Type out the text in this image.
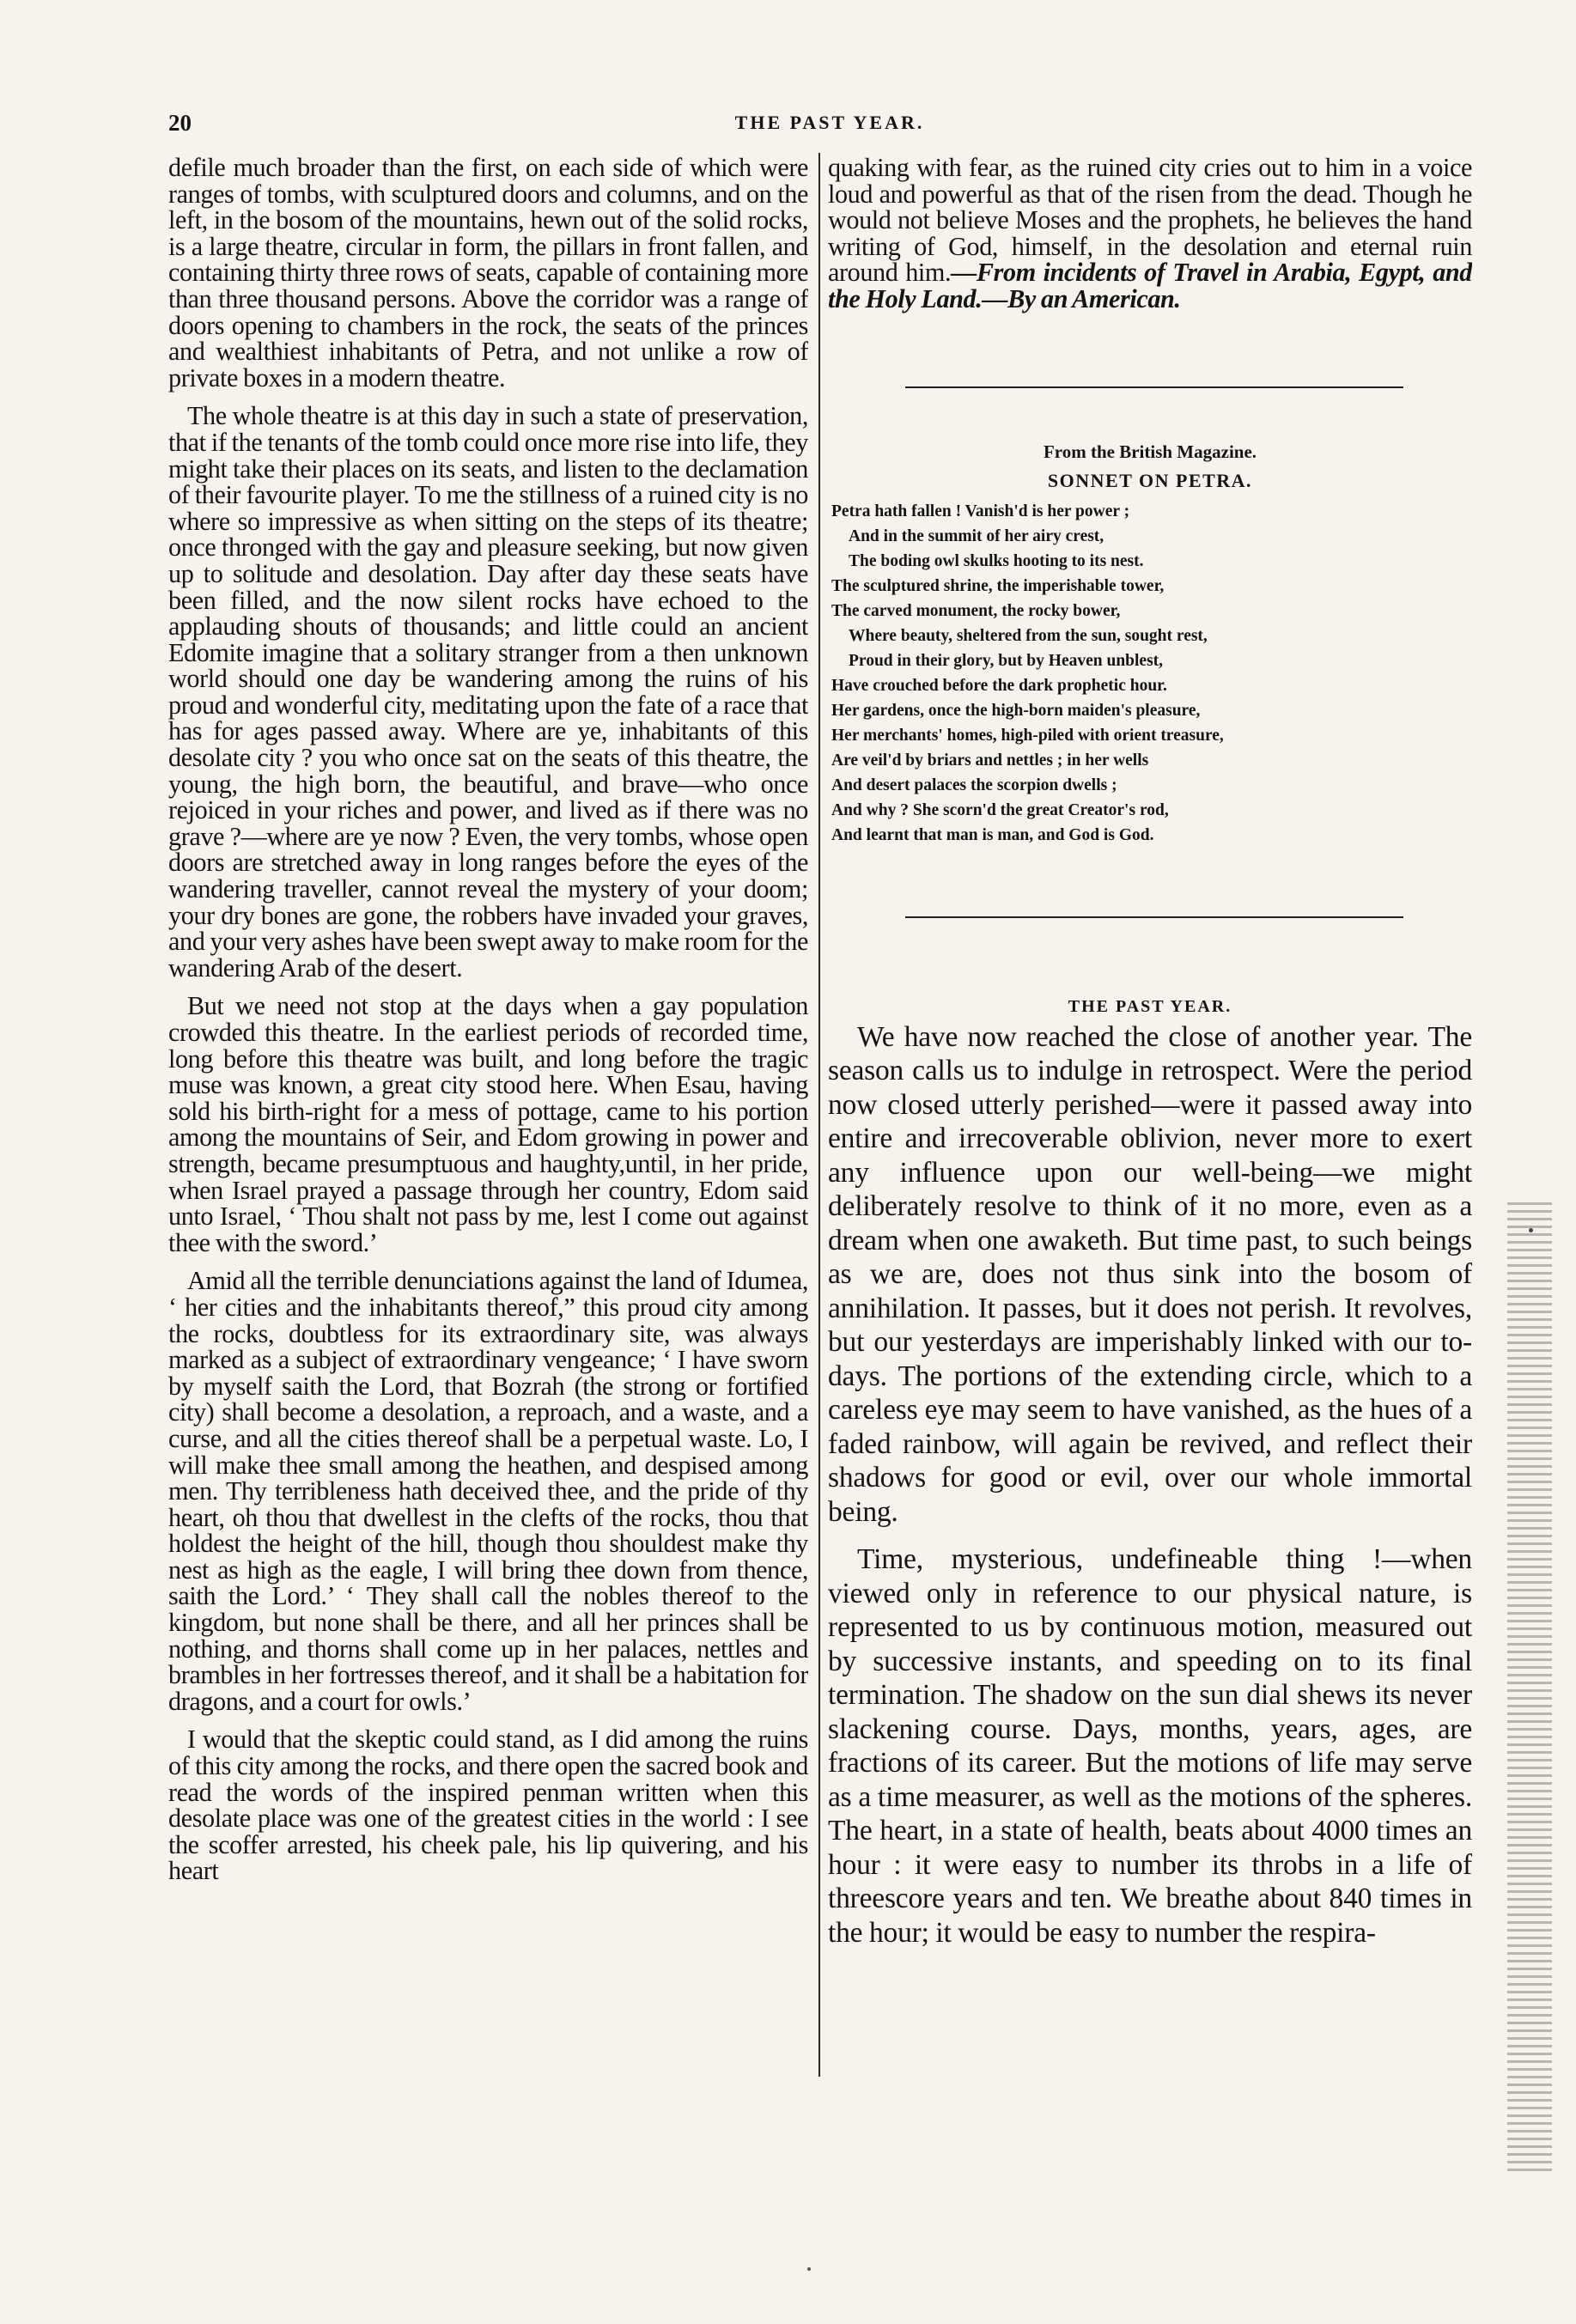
20	THE PAST YEAR.

defile much broader than the first, on each side of which were ranges of tombs, with sculptured doors and columns, and on the left, in the bosom of the mountains, hewn out of the solid rocks, is a large theatre, circular in form, the pillars in front fallen, and containing thirty three rows of seats, capable of containing more than three thousand persons. Above the corridor was a range of doors opening to chambers in the rock, the seats of the princes and wealthiest inhabitants of Petra, and not unlike a row of private boxes in a modern theatre.

The whole theatre is at this day in such a state of preservation, that if the tenants of the tomb could once more rise into life, they might take their places on its seats, and listen to the declamation of their favourite player. To me the stillness of a ruined city is no where so impressive as when sitting on the steps of its theatre; once thronged with the gay and pleasure seeking, but now given up to solitude and desolation. Day after day these seats have been filled, and the now silent rocks have echoed to the applauding shouts of thousands; and little could an ancient Edomite imagine that a solitary stranger from a then unknown world should one day be wandering among the ruins of his proud and wonderful city, meditating upon the fate of a race that has for ages passed away. Where are ye, inhabitants of this desolate city ? you who once sat on the seats of this theatre, the young, the high born, the beautiful, and brave—who once rejoiced in your riches and power, and lived as if there was no grave ?—where are ye now ? Even, the very tombs, whose open doors are stretched away in long ranges before the eyes of the wandering traveller, cannot reveal the mystery of your doom; your dry bones are gone, the robbers have invaded your graves, and your very ashes have been swept away to make room for the wandering Arab of the desert.

But we need not stop at the days when a gay population crowded this theatre. In the earliest periods of recorded time, long before this theatre was built, and long before the tragic muse was known, a great city stood here. When Esau, having sold his birth-right for a mess of pottage, came to his portion among the mountains of Seir, and Edom growing in power and strength, became presumptuous and haughty,until, in her pride, when Israel prayed a passage through her country, Edom said unto Israel, ‘ Thou shalt not pass by me, lest I come out against thee with the sword.’

Amid all the terrible denunciations against the land of Idumea, ‘ her cities and the inhabitants thereof,” this proud city among the rocks, doubtless for its extraordinary site, was always marked as a subject of extraordinary vengeance; ‘ I have sworn by myself saith the Lord, that Bozrah (the strong or fortified city) shall become a desolation, a reproach, and a waste, and a curse, and all the cities thereof shall be a perpetual waste. Lo, I will make thee small among the heathen, and despised among men. Thy terribleness hath deceived thee, and the pride of thy heart, oh thou that dwellest in the clefts of the rocks, thou that holdest the height of the hill, though thou shouldest make thy nest as high as the eagle, I will bring thee down from thence, saith the Lord.’ ‘ They shall call the nobles thereof to the kingdom, but none shall be there, and all her princes shall be nothing, and thorns shall come up in her palaces, nettles and brambles in her fortresses thereof, and it shall be a habitation for dragons, and a court for owls.’

I would that the skeptic could stand, as I did among the ruins of this city among the rocks, and there open the sacred book and read the words of the inspired penman written when this desolate place was one of the greatest cities in the world : I see the scoffer arrested, his cheek pale, his lip quivering, and his heart

quaking with fear, as the ruined city cries out to him in a voice loud and powerful as that of the risen from the dead. Though he would not believe Moses and the prophets, he believes the hand writing of God, himself, in the desolation and eternal ruin around him.—From incidents of Travel in Arabia, Egypt, and the Holy Land.—By an American.

From the British Magazine.
SONNET ON PETRA.
Petra hath fallen ! Vanish'd is her power ;
And in the summit of her airy crest,
The boding owl skulks hooting to its nest.
The sculptured shrine, the imperishable tower,
The carved monument, the rocky bower,
Where beauty, sheltered from the sun, sought rest,
Proud in their glory, but by Heaven unblest,
Have crouched before the dark prophetic hour.
Her gardens, once the high-born maiden's pleasure,
Her merchants' homes, high-piled with orient treasure,
Are veil'd by briars and nettles ; in her wells
And desert palaces the scorpion dwells ;
And why ? She scorn'd the great Creator's rod,
And learnt that man is man, and God is God.
THE PAST YEAR.

We have now reached the close of another year. The season calls us to indulge in retrospect. Were the period now closed utterly perished—were it passed away into entire and irrecoverable oblivion, never more to exert any influence upon our well-being—we might deliberately resolve to think of it no more, even as a dream when one awaketh. But time past, to such beings as we are, does not thus sink into the bosom of annihilation. It passes, but it does not perish. It revolves, but our yesterdays are imperishably linked with our to-days. The portions of the extending circle, which to a careless eye may seem to have vanished, as the hues of a faded rainbow, will again be revived, and reflect their shadows for good or evil, over our whole immortal being.

Time, mysterious, undefineable thing !—when viewed only in reference to our physical nature, is represented to us by continuous motion, measured out by successive instants, and speeding on to its final termination. The shadow on the sun dial shews its never slackening course. Days, months, years, ages, are fractions of its career. But the motions of life may serve as a time measurer, as well as the motions of the spheres. The heart, in a state of health, beats about 4000 times an hour : it were easy to number its throbs in a life of threescore years and ten. We breathe about 840 times in the hour; it would be easy to number the respira-
